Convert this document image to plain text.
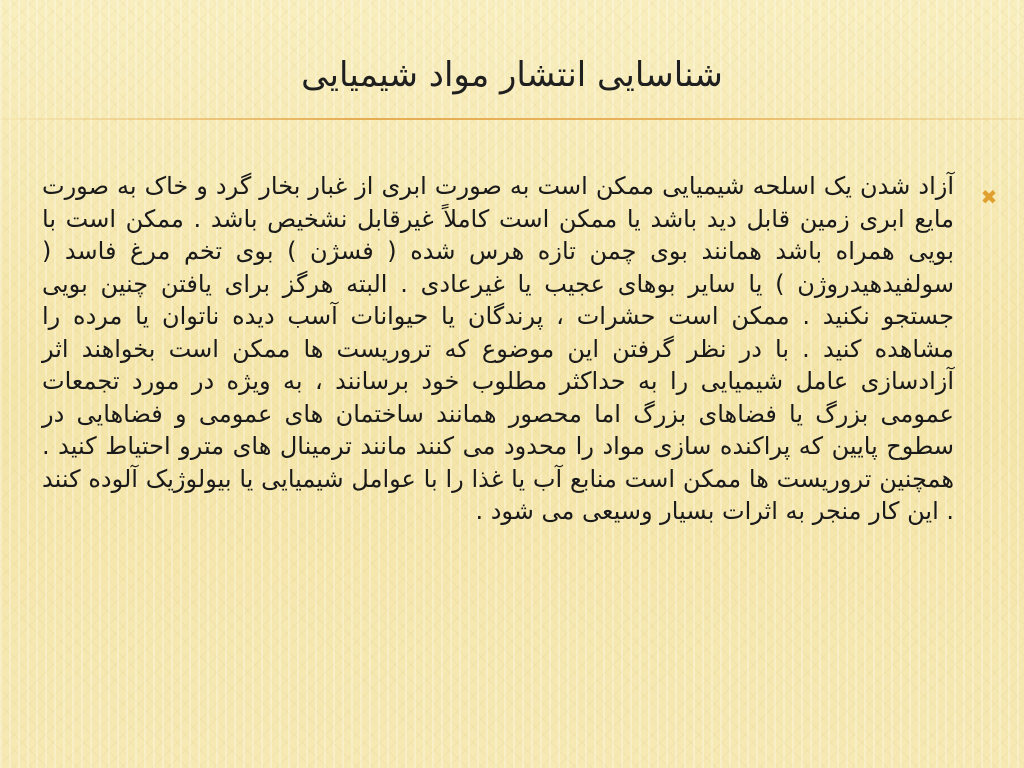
شناسایی انتشار مواد شیمیایی
✖

آزاد شدن یک اسلحه شیمیایی ممکن است به صورت ابری از غبار بخار گرد و خاک به صورت مایع ابری زمین قابل دید باشد یا ممکن است کاملاً غیرقابل نشخیص باشد . ممکن است با بویی همراه باشد همانند بوی چمن تازه هرس شده ( فسژن ) بوی تخم مرغ فاسد ( سولفیدهیدروژن ) یا سایر بوهای عجیب یا غیرعادی . البته هرگز برای یافتن چنین بویی جستجو نکنید . ممکن است حشرات ، پرندگان یا حیوانات آسب دیده ناتوان یا مرده را مشاهده کنید . با در نظر گرفتن این موضوع که تروریست ها ممکن است بخواهند اثر آزادسازی عامل شیمیایی را به حداکثر مطلوب خود برسانند ، به ویژه در مورد تجمعات عمومی بزرگ یا فضاهای بزرگ اما محصور همانند ساختمان های عمومی و فضاهایی در سطوح پایین که پراکنده سازی مواد را محدود می کنند مانند ترمینال های مترو احتیاط کنید . همچنین تروریست ها ممکن است منابع آب یا غذا را با عوامل شیمیایی یا بیولوژیک آلوده کنند . این کار منجر به اثرات بسیار وسیعی می شود .
